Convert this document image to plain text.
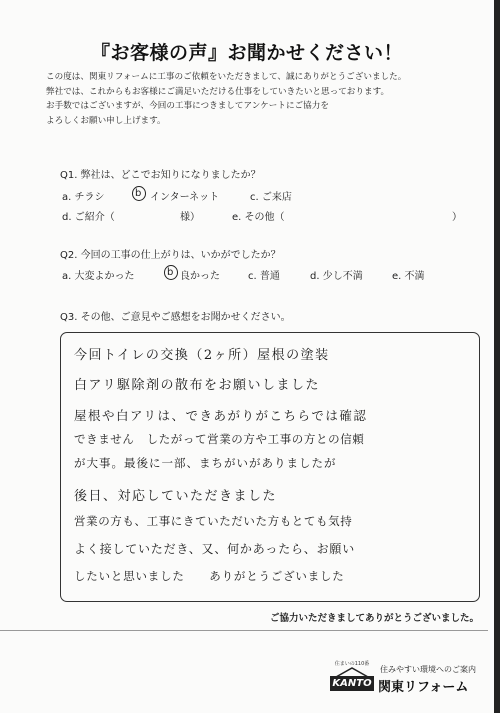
『お客様の声』お聞かせください！
この度は、関東リフォームに工事のご依頼をいただきまして、誠にありがとうございました。
弊社では、これからもお客様にご満足いただける仕事をしていきたいと思っております。
お手数ではございますが、今回の工事につきましてアンケートにご協力を
よろしくお願い申し上げます。
Q1. 弊社は、どこでお知りになりましたか？
a. チラシ	b インターネット	c. ご来店
d. ご紹介（	様）	e. その他（	）
Q2. 今回の工事の仕上がりは、いかがでしたか？
a. 大変よかった	b 良かった	c. 普通	d. 少し不満	e. 不満
Q3. その他、ご意見やご感想をお聞かせください。
今回トイレの交換（2ヶ所）屋根の塗装
白アリ駆除剤の散布をお願いしました
屋根や白アリは、できあがりがこちらでは確認
できません　したがって営業の方や工事の方との信頼
が大事。最後に一部、まちがいがありましたが
後日、対応していただきました
営業の方も、工事にきていただいた方もとても気持
よく接していただき、又、何かあったら、お願い
したいと思いました　　ありがとうございました
ご協力いただきましてありがとうございました。
住まいの110番
KANTO
住みやすい環境へのご案内
関東リフォーム
